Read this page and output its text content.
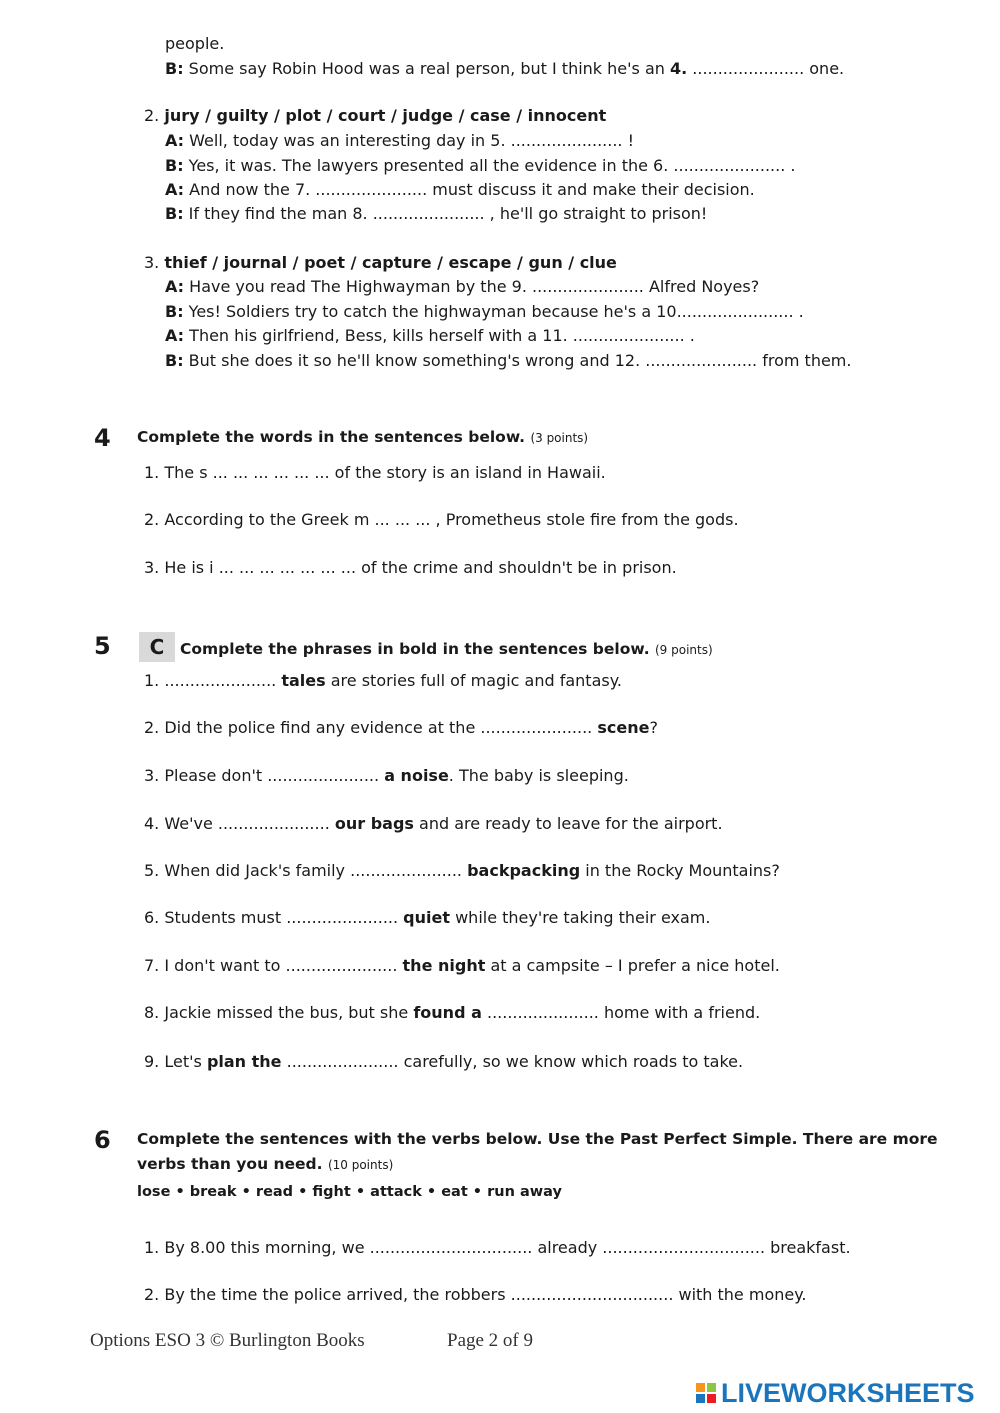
people.
B: Some say Robin Hood was a real person, but I think he's an 4. ...................... one.
2. jury / guilty / plot / court / judge / case / innocent
A: Well, today was an interesting day in 5. ...................... !
B: Yes, it was. The lawyers presented all the evidence in the 6. ...................... .
A: And now the 7. ...................... must discuss it and make their decision.
B: If they find the man 8. ...................... , he'll go straight to prison!
3. thief / journal / poet / capture / escape / gun / clue
A: Have you read The Highwayman by the 9. ...................... Alfred Noyes?
B: Yes! Soldiers try to catch the highwayman because he's a 10....................... .
A: Then his girlfriend, Bess, kills herself with a 11. ...................... .
B: But she does it so he'll know something's wrong and 12. ...................... from them.
4 Complete the words in the sentences below. (3 points)
1. The s ... ... ... ... ... ... of the story is an island in Hawaii.
2. According to the Greek m ... ... ... , Prometheus stole fire from the gods.
3. He is i ... ... ... ... ... ... ... of the crime and shouldn't be in prison.
5	C	Complete the phrases in bold in the sentences below. (9 points)
1. ...................... tales are stories full of magic and fantasy.
2. Did the police find any evidence at the ...................... scene?
3. Please don't ...................... a noise. The baby is sleeping.
4. We've ...................... our bags and are ready to leave for the airport.
5. When did Jack's family ...................... backpacking in the Rocky Mountains?
6. Students must ...................... quiet while they're taking their exam.
7. I don't want to ...................... the night at a campsite – I prefer a nice hotel.
8. Jackie missed the bus, but she found a ...................... home with a friend.
9. Let's plan the ...................... carefully, so we know which roads to take.
6 Complete the sentences with the verbs below. Use the Past Perfect Simple. There are more
verbs than you need. (10 points)
lose • break • read • fight • attack • eat • run away
1. By 8.00 this morning, we ................................ already ................................ breakfast.
2. By the time the police arrived, the robbers ................................ with the money.
Options ESO 3 © Burlington Books	Page 2 of 9
LIVEWORKSHEETS
